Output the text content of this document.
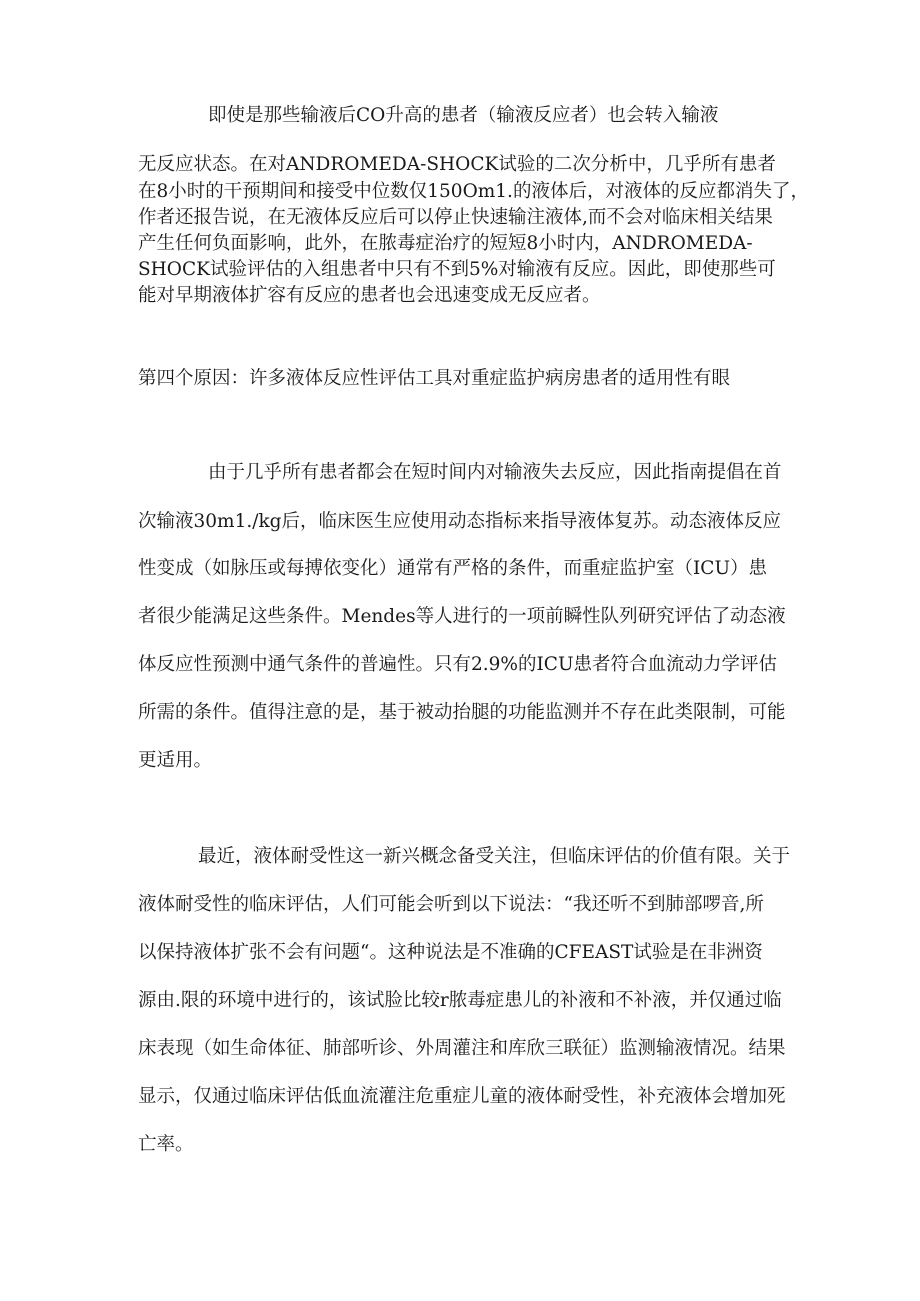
即使是那些输液后CO升高的患者（输液反应者）也会转入输液
无反应状态。在对ANDROMEDA-SHOCK试验的二次分析中，几乎所有患者
在8小时的干预期间和接受中位数仅150Om1.的液体后，对液体的反应都消失了，
作者还报告说，在无液体反应后可以停止快速输注液体,而不会对临床相关结果
产生任何负面影响，此外，在脓毒症治疗的短短8小时内，ANDROMEDA-
SHOCK试验评估的入组患者中只有不到5%对输液有反应。因此，即使那些可
能对早期液体扩容有反应的患者也会迅速变成无反应者。
第四个原因：许多液体反应性评估工具对重症监护病房患者的适用性有眼
由于几乎所有患者都会在短时间内对输液失去反应，因此指南提倡在首
次输液30m1./kg后，临床医生应使用动态指标来指导液体复苏。动态液体反应
性变成（如脉压或每搏依变化）通常有严格的条件，而重症监护室（ICU）患
者很少能满足这些条件。Mendes等人进行的一项前瞬性队列研究评估了动态液
体反应性预测中通气条件的普遍性。只有2.9%的ICU患者符合血流动力学评估
所需的条件。值得注意的是，基于被动抬腿的功能监测并不存在此类限制，可能
更适用。
最近，液体耐受性这一新兴概念备受关注，但临床评估的价值有限。关于
液体耐受性的临床评估，人们可能会听到以下说法：“我还听不到肺部啰音,所
以保持液体扩张不会有问题“。这种说法是不准确的CFEAST试验是在非洲资
源由.限的环境中进行的，该试脸比较r脓毒症患儿的补液和不补液，并仅通过临
床表现（如生命体征、肺部听诊、外周灌注和库欣三联征）监测输液情况。结果
显示，仅通过临床评估低血流灌注危重症儿童的液体耐受性，补充液体会增加死
亡率。
